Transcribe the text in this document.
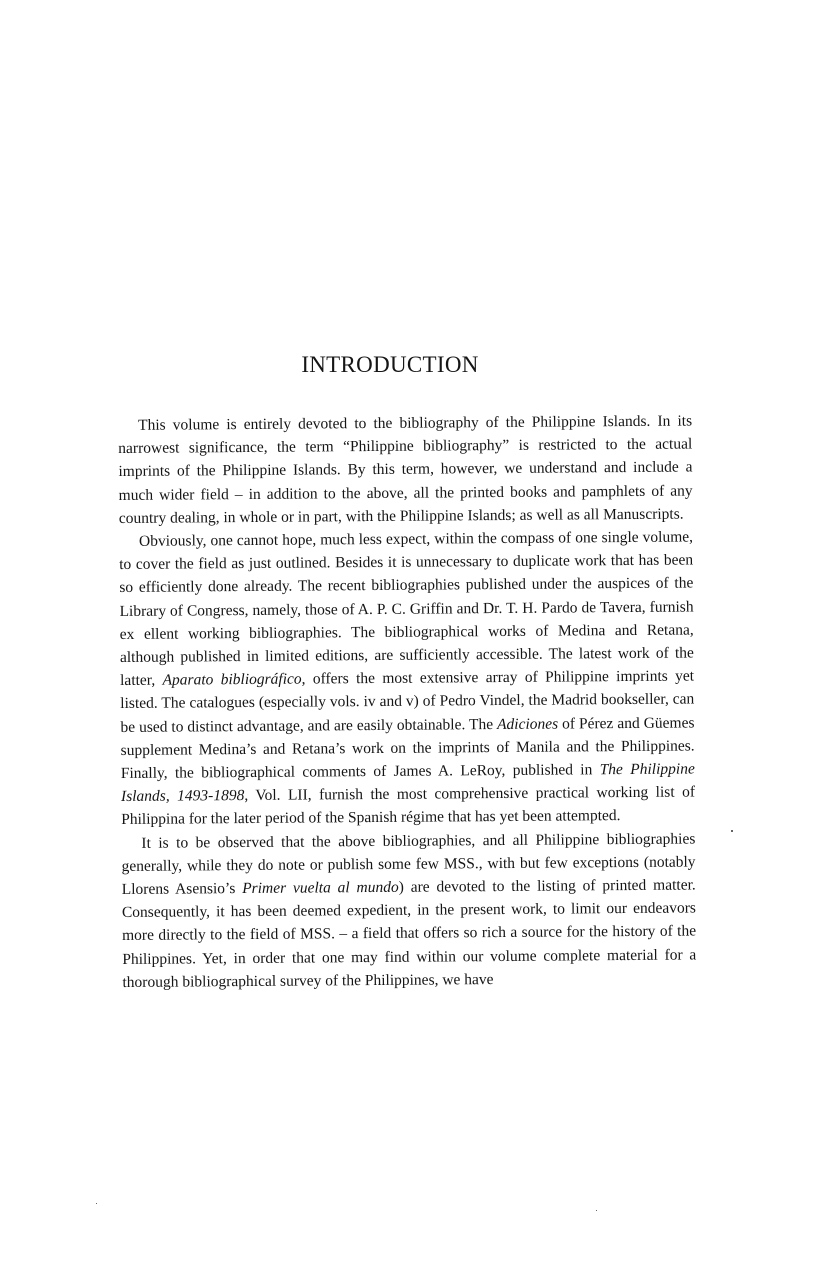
INTRODUCTION

This volume is entirely devoted to the bibliography of the Philippine Islands. In its narrowest significance, the term “Philippine bibliography” is restricted to the actual imprints of the Philippine Islands. By this term, however, we understand and include a much wider field – in addition to the above, all the printed books and pamphlets of any country dealing, in whole or in part, with the Philippine Islands; as well as all Manuscripts.

Obviously, one cannot hope, much less expect, within the compass of one single volume, to cover the field as just outlined. Besides it is unnecessary to duplicate work that has been so efficiently done already. The recent bibliographies published under the auspices of the Library of Congress, namely, those of A. P. C. Griffin and Dr. T. H. Pardo de Tavera, furnish ex ellent working bibliographies. The bibliographical works of Medina and Retana, although published in limited editions, are sufficiently accessible. The latest work of the latter, Aparato bibliográfico, offers the most extensive array of Philippine imprints yet listed. The catalogues (especially vols. iv and v) of Pedro Vindel, the Madrid bookseller, can be used to distinct advantage, and are easily obtainable. The Adiciones of Pérez and Güemes supplement Medina’s and Retana’s work on the imprints of Manila and the Philippines. Finally, the bibliographical comments of James A. LeRoy, published in The Philippine Islands, 1493-1898, Vol. LII, furnish the most comprehensive practical working list of Philippina for the later period of the Spanish régime that has yet been attempted.

It is to be observed that the above bibliographies, and all Philippine bibliographies generally, while they do note or publish some few MSS., with but few exceptions (notably Llorens Asensio’s Primer vuelta al mundo) are devoted to the listing of printed matter. Consequently, it has been deemed expedient, in the present work, to limit our endeavors more directly to the field of MSS. – a field that offers so rich a source for the history of the Philippines. Yet, in order that one may find within our volume complete material for a thorough bibliographical survey of the Philippines, we have
